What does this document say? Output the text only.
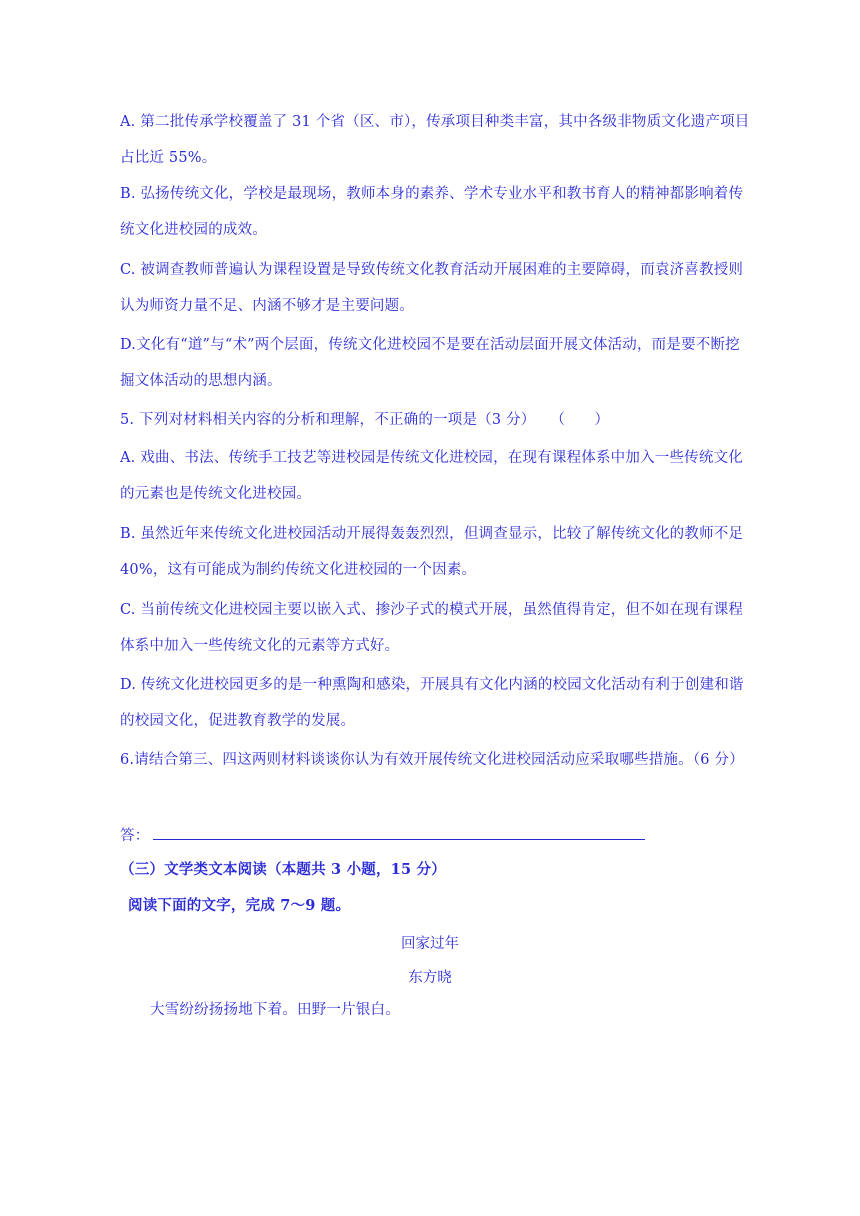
A. 第二批传承学校覆盖了 31 个省（区、市），传承项目种类丰富，其中各级非物质文化遗产项目占比近 55%。

B. 弘扬传统文化，学校是最现场，教师本身的素养、学术专业水平和教书育人的精神都影响着传统文化进校园的成效。

C. 被调查教师普遍认为课程设置是导致传统文化教育活动开展困难的主要障碍，而袁济喜教授则认为师资力量不足、内涵不够才是主要问题。

D.文化有“道”与“术”两个层面，传统文化进校园不是要在活动层面开展文体活动，而是要不断挖掘文体活动的思想内涵。

5. 下列对材料相关内容的分析和理解，不正确的一项是（3 分）　　（　　）

A. 戏曲、书法、传统手工技艺等进校园是传统文化进校园，在现有课程体系中加入一些传统文化的元素也是传统文化进校园。

B. 虽然近年来传统文化进校园活动开展得轰轰烈烈，但调查显示，比较了解传统文化的教师不足 40%，这有可能成为制约传统文化进校园的一个因素。

C. 当前传统文化进校园主要以嵌入式、掺沙子式的模式开展，虽然值得肯定，但不如在现有课程体系中加入一些传统文化的元素等方式好。

D. 传统文化进校园更多的是一种熏陶和感染，开展具有文化内涵的校园文化活动有利于创建和谐的校园文化，促进教育教学的发展。

6.请结合第三、四这两则材料谈谈你认为有效开展传统文化进校园活动应采取哪些措施。（6 分）

答：

（三）文学类文本阅读（本题共 3 小题，15 分）

阅读下面的文字，完成 7～9 题。

回家过年

东方晓

大雪纷纷扬扬地下着。田野一片银白。
